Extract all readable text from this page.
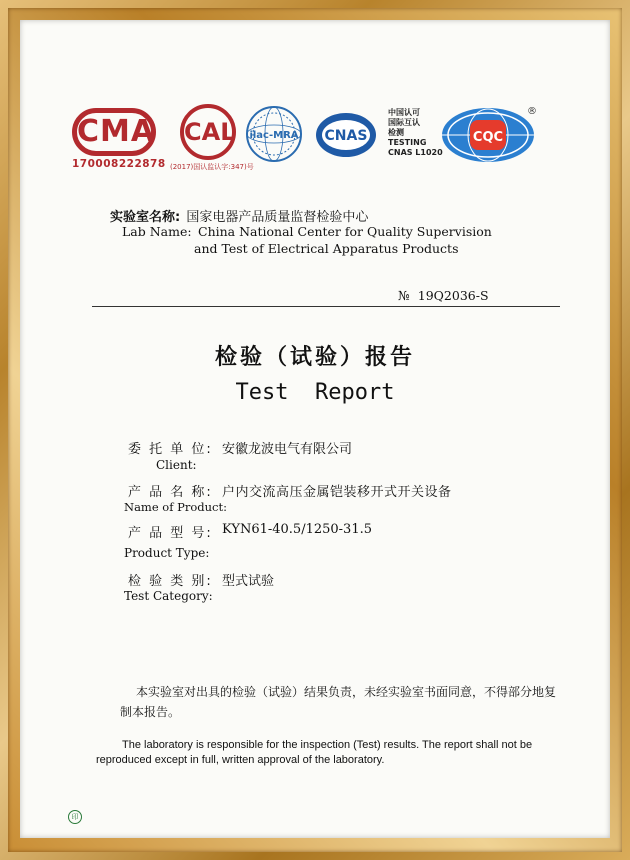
CMA
170008222878
CAL
(2017)国认监认字:347)号
ilac-MRA CNAS
中国认可
国际互认
检测
TESTING
CNAS L1020
CQC
®
实验室名称: 国家电器产品质量监督检验中心
Lab Name: China National Center for Quality Supervision
and Test of Electrical Apparatus Products
№  19Q2036-S
检验（试验）报告
Test  Report
委 托 单 位: 安徽龙波电气有限公司
Client:
产 品 名 称: 户内交流高压金属铠装移开式开关设备
Name of Product:
产 品 型 号: KYN61-40.5/1250-31.5
Product Type:
检 验 类 别: 型式试验
Test Category:
本实验室对出具的检验（试验）结果负责，未经实验室书面同意，不得部分地复制本报告。
The laboratory is responsible for the inspection (Test) results. The report shall not be reproduced except in full, written approval of the laboratory.
印
